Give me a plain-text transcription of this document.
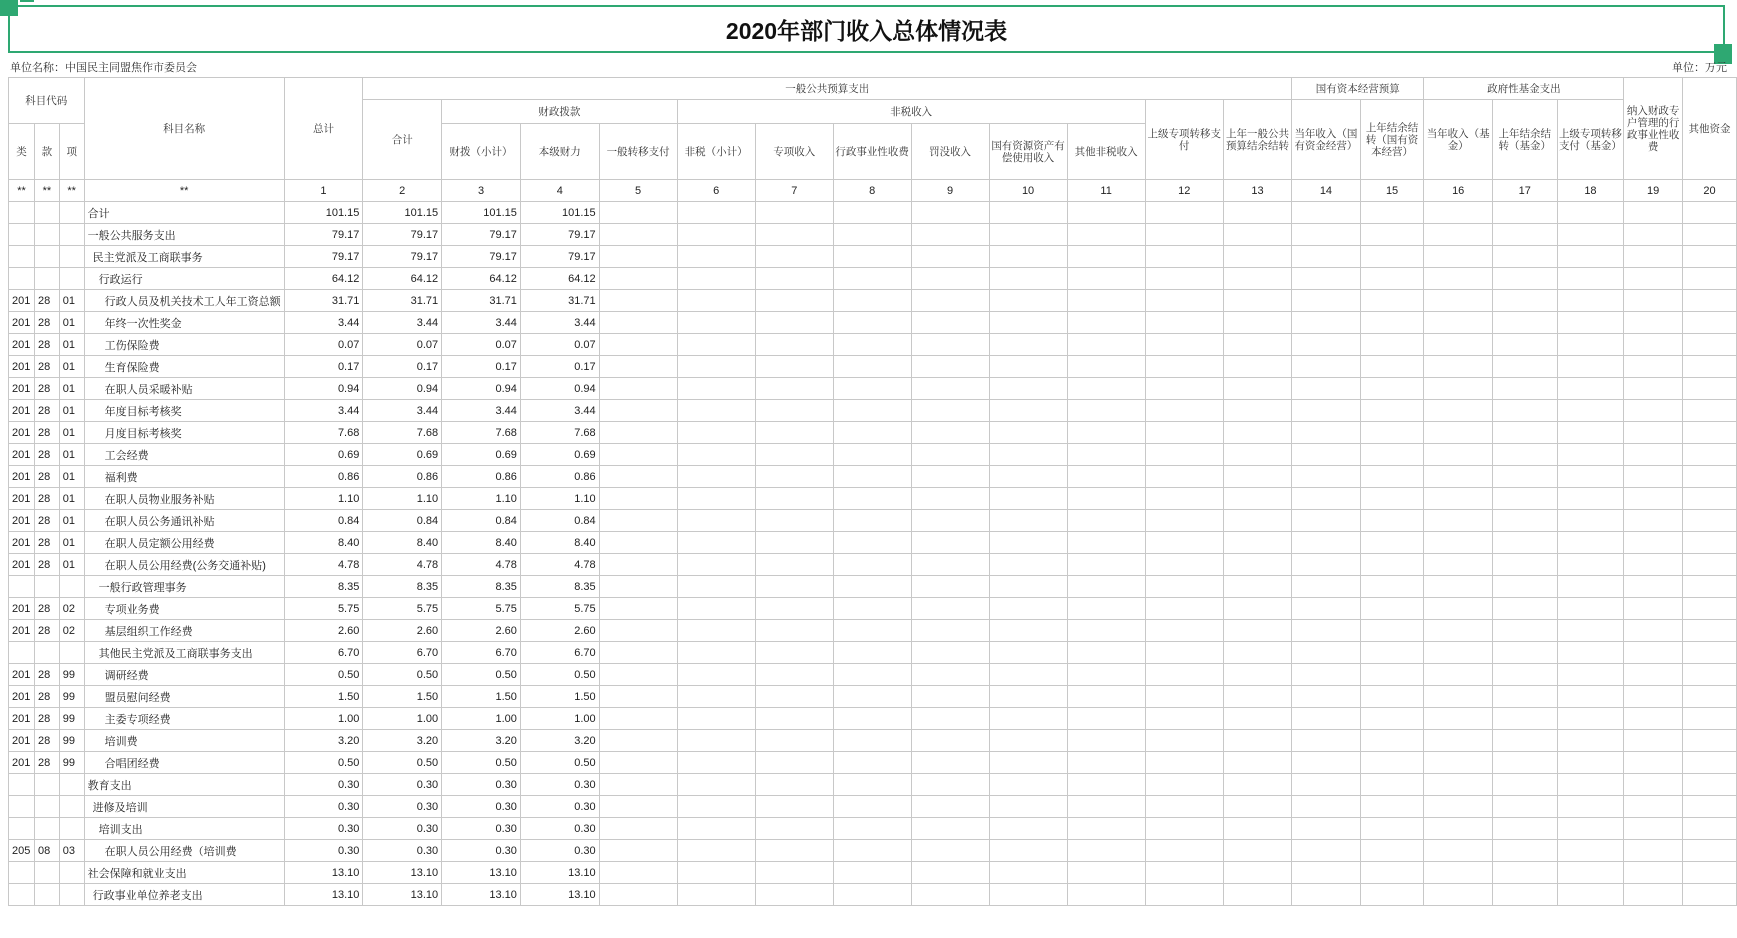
2020年部门收入总体情况表
单位名称：中国民主同盟焦作市委员会	单位：万元
科目代码			科目名称	总计	一般公共预算支出												国有资本经营预算		政府性基金支出			纳入财政专户管理的行政事业性收费	其他资金
					合计	财政拨款			非税收入						上级专项转移支付	上年一般公共预算结余结转	当年收入（国有资金经营）	上年结余结转（国有资本经营）	当年收入（基金）	上年结余结转（基金）	上级专项转移支付（基金）		
类	款	项				财拨（小计）	本级财力	一般转移支付	非税（小计）	专项收入	行政事业性收费	罚没收入	国有资源资产有偿使用收入	其他非税收入									

**	**	**	**	1	2	3	4	5	6	7	8	9	10	11	12	13	14	15	16	17	18	19	20
			合计	101.15	101.15	101.15	101.15																
			一般公共服务支出	79.17	79.17	79.17	79.17																
			民主党派及工商联事务	79.17	79.17	79.17	79.17																
			行政运行	64.12	64.12	64.12	64.12																
201	28	01	行政人员及机关技术工人年工资总额	31.71	31.71	31.71	31.71																
201	28	01	年终一次性奖金	3.44	3.44	3.44	3.44																
201	28	01	工伤保险费	0.07	0.07	0.07	0.07																
201	28	01	生育保险费	0.17	0.17	0.17	0.17																
201	28	01	在职人员采暖补贴	0.94	0.94	0.94	0.94																
201	28	01	年度目标考核奖	3.44	3.44	3.44	3.44																
201	28	01	月度目标考核奖	7.68	7.68	7.68	7.68																
201	28	01	工会经费	0.69	0.69	0.69	0.69																
201	28	01	福利费	0.86	0.86	0.86	0.86																
201	28	01	在职人员物业服务补贴	1.10	1.10	1.10	1.10																
201	28	01	在职人员公务通讯补贴	0.84	0.84	0.84	0.84																
201	28	01	在职人员定额公用经费	8.40	8.40	8.40	8.40																
201	28	01	在职人员公用经费(公务交通补贴)	4.78	4.78	4.78	4.78																
			一般行政管理事务	8.35	8.35	8.35	8.35																
201	28	02	专项业务费	5.75	5.75	5.75	5.75																
201	28	02	基层组织工作经费	2.60	2.60	2.60	2.60																
			其他民主党派及工商联事务支出	6.70	6.70	6.70	6.70																
201	28	99	调研经费	0.50	0.50	0.50	0.50																
201	28	99	盟员慰问经费	1.50	1.50	1.50	1.50																
201	28	99	主委专项经费	1.00	1.00	1.00	1.00																
201	28	99	培训费	3.20	3.20	3.20	3.20																
201	28	99	合唱团经费	0.50	0.50	0.50	0.50																
			教育支出	0.30	0.30	0.30	0.30																
			进修及培训	0.30	0.30	0.30	0.30																
			培训支出	0.30	0.30	0.30	0.30																
205	08	03	在职人员公用经费（培训费	0.30	0.30	0.30	0.30																
			社会保障和就业支出	13.10	13.10	13.10	13.10																
			行政事业单位养老支出	13.10	13.10	13.10	13.10																
